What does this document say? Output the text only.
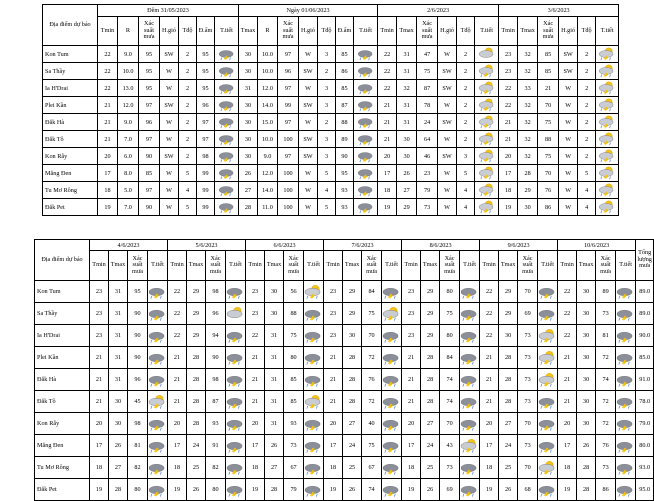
Địa điểm dự báo	Đêm 31/05/2023							Ngày 01/06/2023							2/6/2023						3/6/2023					
	Tmin	R	Xác suất mưa	H.gió	Tđộ	Đ.ẩm	T.tiết	Tmax	R	Xác suất mưa	H.gió	Tđộ	Đ.ẩm	T.tiết	Tmin	Tmax	Xác suất mưa	H.gió	Tđộ	T.tiết	Tmin	Tmax	Xác suất mưa	H.gió	Tđộ	T.tiết
Kon Tum	22	9.0	95	SW	2	95		30	10.0	97	W	3	85		22	31	47	W	2		23	32	85	SW	2	

Sa Thầy	22	10.0	95	W	2	95		30	10.0	96	SW	2	86		22	31	75	SW	2		23	32	85	SW	2	

Ia H'Drai	22	13.0	95	W	2	95		31	12.0	97	W	3	85		22	32	87	SW	2		22	33	21	W	2	

Plei Kần	21	12.0	97	SW	2	96		30	14.0	99	SW	3	87		21	31	78	W	2		22	32	70	W	2	

Đăk Hà	21	9.0	96	W	2	97		30	15.0	97	W	2	88		21	31	24	SW	2		21	32	75	W	2	

Đăk Tô	21	7.0	97	W	2	97		30	10.0	100	SW	3	89		21	30	64	W	2		21	32	88	W	2	

Kon Rẫy	20	6.0	90	SW	2	98		30	9.0	97	SW	3	90		20	30	46	SW	3		20	32	75	W	2	

Măng Đen	17	8.0	85	W	5	99		26	12.0	100	W	5	95		17	26	23	W	5		17	28	70	W	5	

Tu Mơ Rông	18	5.0	97	W	4	99		27	14.0	100	W	4	93		18	27	79	W	4		18	29	76	W	4	

Đăk Pet	19	7.0	90	W	5	99		28	11.0	100	W	5	93		19	29	73	W	4		19	30	86	W	4	
Địa điểm dự báo	4/6/2023				5/6/2023				6/6/2023				7/6/2023				8/6/2023				9/6/2023				10/6/2023				Tổng lượng mưa
	Tmin	Tmax	Xác suất mưa	T.tiết	Tmin	Tmax	Xác suất mưa	T.tiết	Tmin	Tmax	Xác suất mưa	T.tiết	Tmin	Tmax	Xác suất mưa	T.tiết	Tmin	Tmax	Xác suất mưa	T.tiết	Tmin	Tmax	Xác suất mưa	T.tiết	Tmin	Tmax	Xác suất mưa	T.tiết	
Kon Tum	23	31	95		22	29	98		23	30	56		23	29	84		23	29	80		22	29	70		22	30	89		89.0
Sa Thầy	23	31	90		22	29	96		23	30	88		23	29	75		23	29	75		22	29	69		22	30	73		89.0
Ia H'Drai	23	31	90		22	29	94		22	31	75		23	30	70		23	29	80		22	30	73		22	30	81		90.0
Plei Kần	21	31	90		21	28	90		21	31	80		21	28	72		21	28	84		21	28	73		21	30	72		85.0
Đăk Hà	21	31	96		21	28	98		21	31	85		21	28	76		21	28	74		21	28	73		21	30	74		91.0
Đăk Tô	21	30	45		21	28	87		21	31	85		21	28	72		21	28	74		21	28	73		21	30	72		78.0
Kon Rẫy	20	30	98		20	28	93		20	31	93		20	27	40		20	27	70		20	27	70		20	30	72		79.0
Măng Đen	17	26	81		17	24	91		17	26	73		17	24	75		17	24	43		17	24	73		17	26	76		80.0
Tu Mơ Rông	18	27	82		18	25	82		18	27	67		18	25	67		18	25	73		18	25	70		18	28	73		93.0
Đăk Pet	19	28	80		19	26	80		19	28	79		19	26	74		19	26	69		19	26	68		19	28	86		95.0
